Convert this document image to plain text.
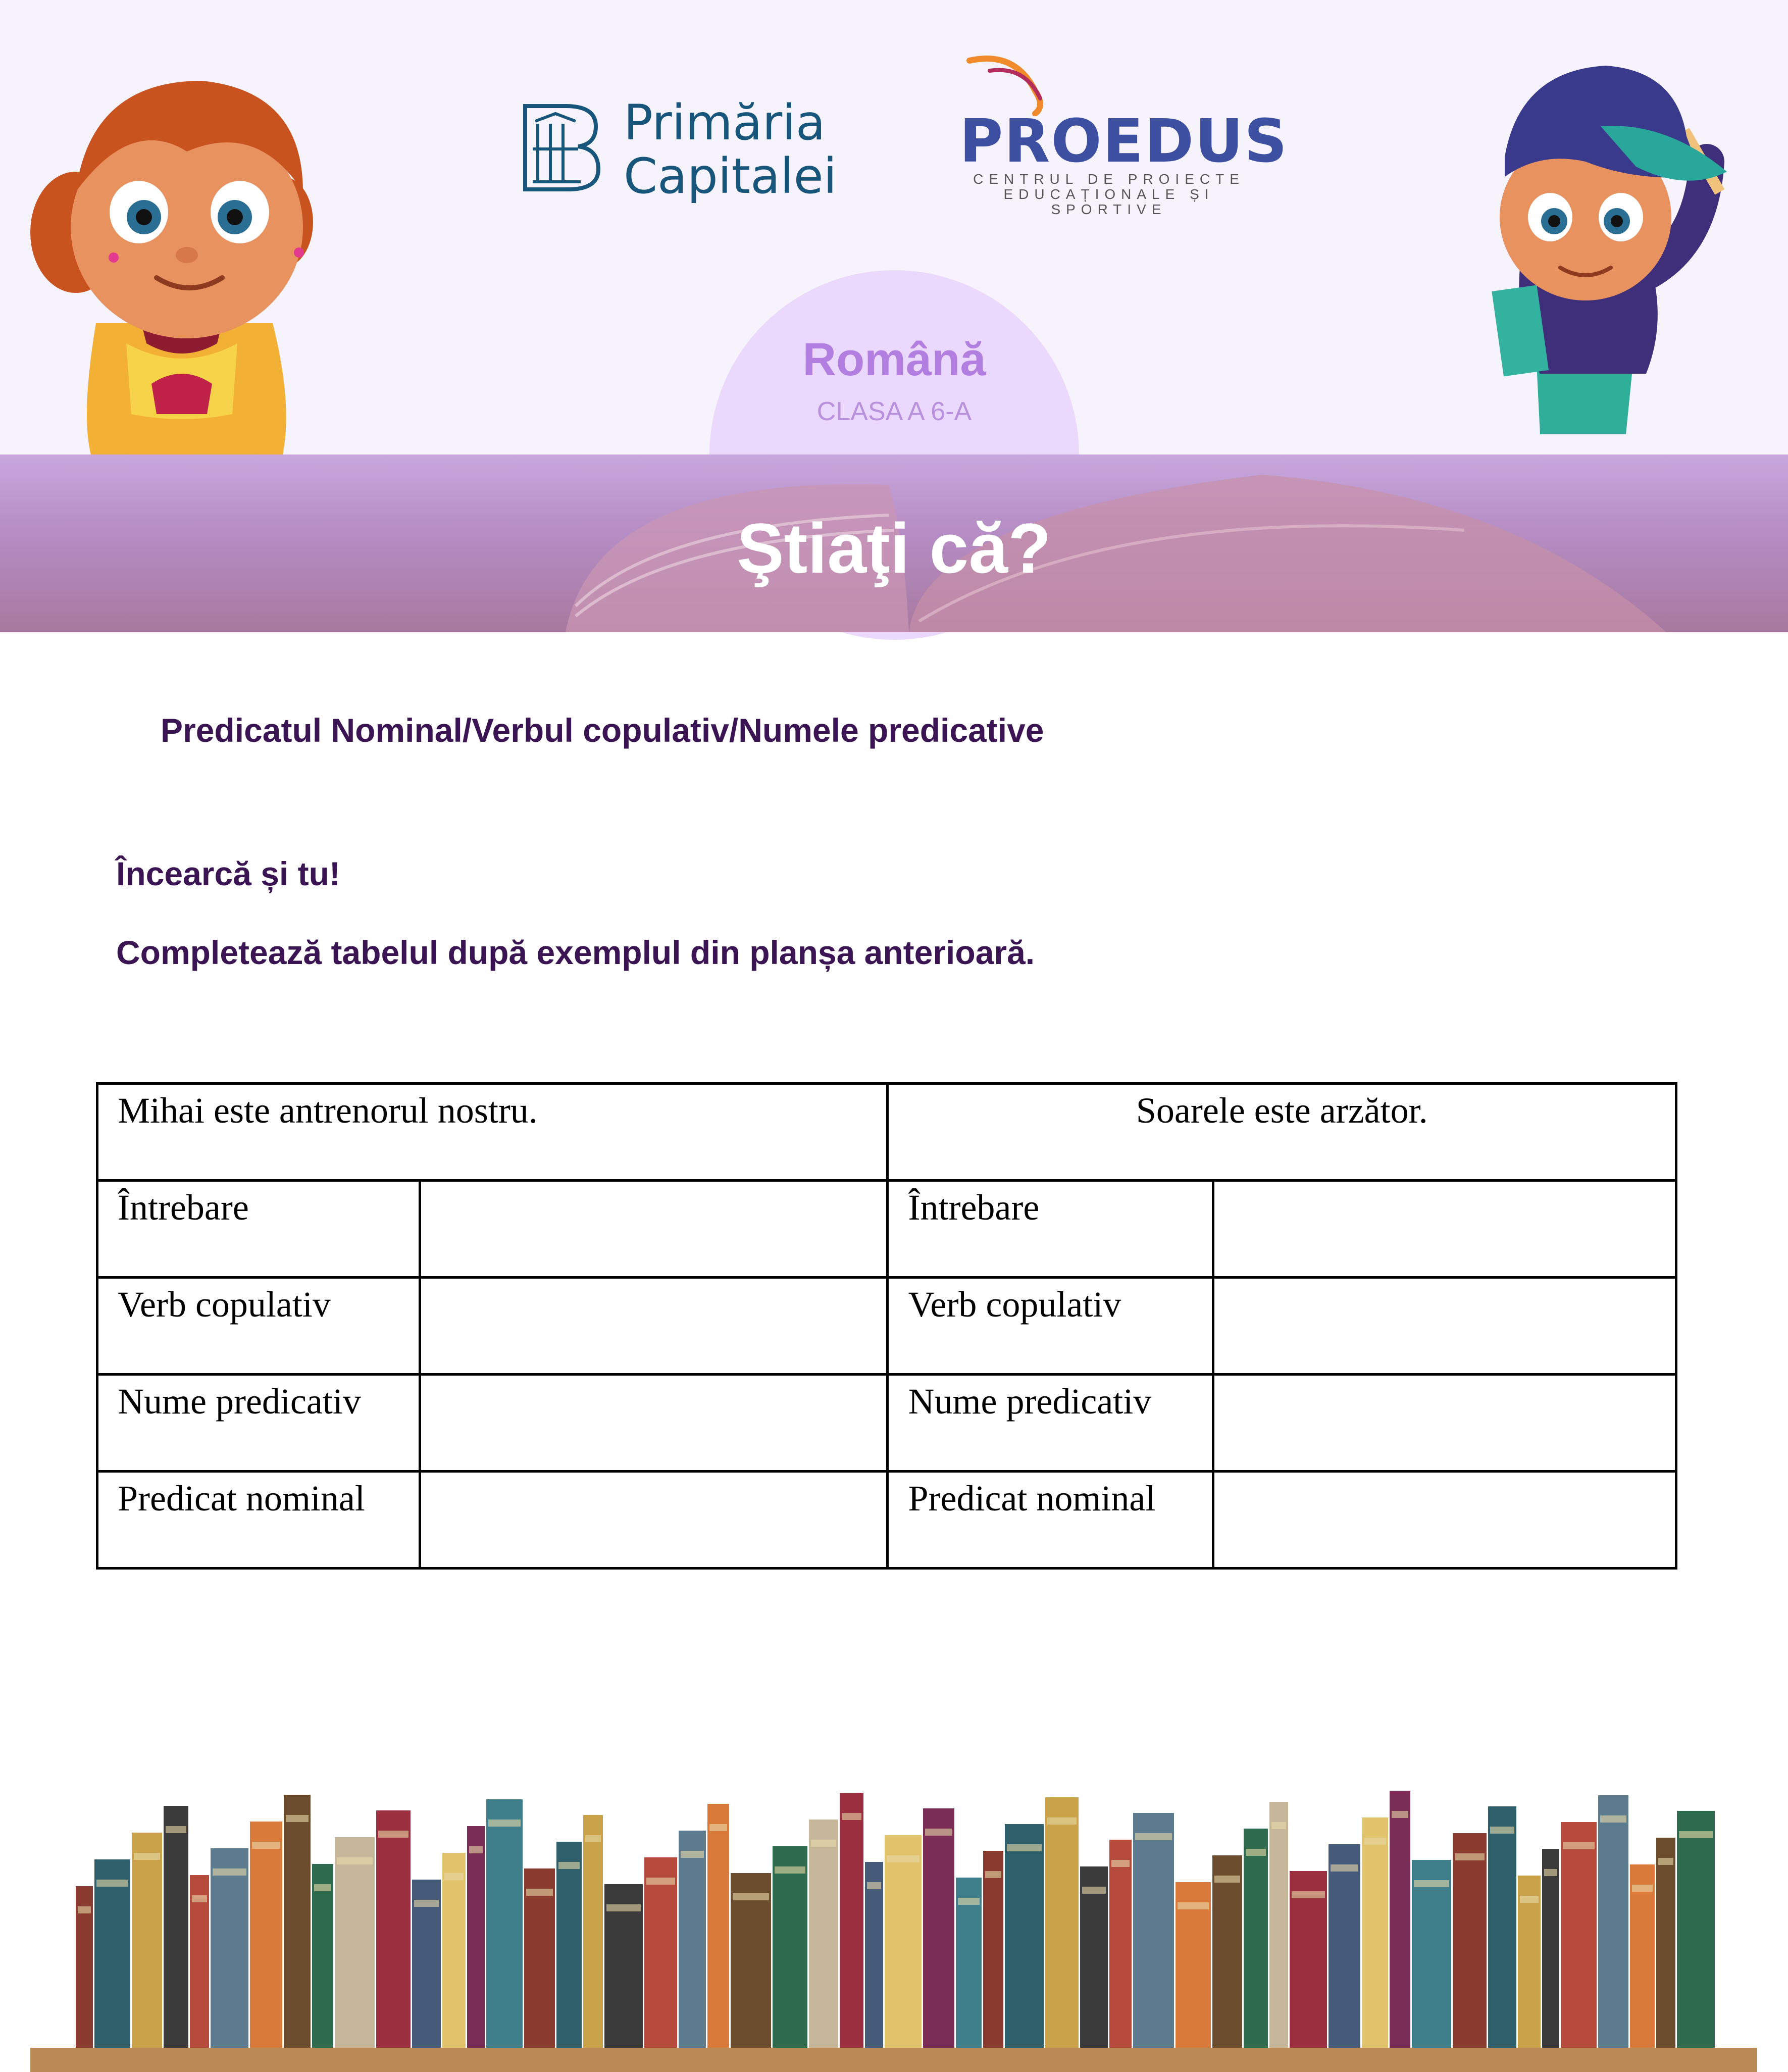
Primăria
Capitalei
PROEDUS
CENTRUL DE PROIECTE
EDUCAȚIONALE ȘI SPORTIVE
Română
CLASA A 6-A
Ştiaţi că?
Predicatul Nominal/Verbul copulativ/Numele predicative
Încearcă și tu!
Completează tabelul după exemplul din planșa anterioară.
Mihai este antrenorul nostru.		Soarele este arzător.	
Întrebare		Întrebare	
Verb copulativ		Verb copulativ	
Nume predicativ		Nume predicativ	
Predicat nominal		Predicat nominal	
